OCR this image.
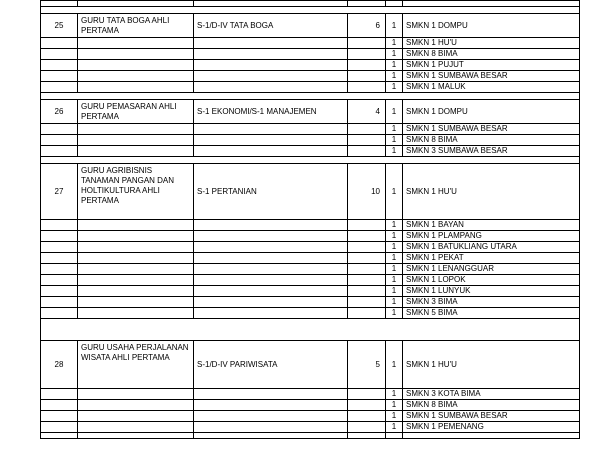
25	GURU TATA BOGA AHLI PERTAMA	S-1/D-IV TATA BOGA	6	1	SMKN 1 DOMPU
				1	SMKN 1 HU'U
				1	SMKN 8 BIMA
				1	SMKN 1 PUJUT
				1	SMKN 1 SUMBAWA BESAR
				1	SMKN 1 MALUK

26	GURU PEMASARAN AHLI PERTAMA	S-1 EKONOMI/S-1 MANAJEMEN	4	1	SMKN 1 DOMPU
				1	SMKN 1 SUMBAWA BESAR
				1	SMKN 8 BIMA
				1	SMKN 3 SUMBAWA BESAR

27	GURU AGRIBISNIS TANAMAN PANGAN DAN HOLTIKULTURA AHLI PERTAMA	S-1 PERTANIAN	10	1	SMKN 1 HU'U
				1	SMKN 1 BAYAN
				1	SMKN 1 PLAMPANG
				1	SMKN 1 BATUKLIANG UTARA
				1	SMKN 1 PEKAT
				1	SMKN 1 LENANGGUAR
				1	SMKN 1 LOPOK
				1	SMKN 1 LUNYUK
				1	SMKN 3 BIMA
				1	SMKN 5 BIMA

28	GURU USAHA PERJALANAN WISATA AHLI PERTAMA	S-1/D-IV PARIWISATA	5	1	SMKN 1 HU'U
				1	SMKN 3 KOTA BIMA
				1	SMKN 8 BIMA
				1	SMKN 1 SUMBAWA BESAR
				1	SMKN 1 PEMENANG
